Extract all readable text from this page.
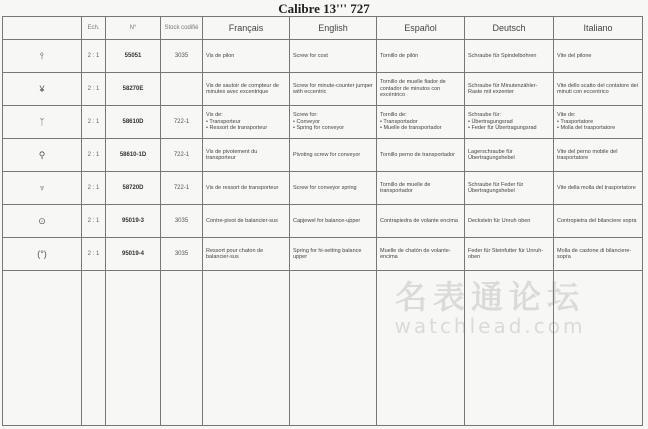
Calibre 13''' 727
	Ech.	N°	Stock codifié	Français	English	Español	Deutsch	Italiano
⫯	2 : 1	55051	3035	Vis de pilon	Screw for cost	Tornillo de pilón	Schraube für Spindelbohren	Vite del pilone

¥	2 : 1	58270E		Vis de sautoir de compteur de
minutes avec excentrique	Screw for minute-counter jumper
with eccentric	Tornillo de muelle fiador de
contador de minutos con
excéntrico	Schraube für Minutenzähler-
Raste mit exzenter	Vite dello scatto del contatore dei
minuti con eccentrico

ᛉ	2 : 1	58610D	722-1	Vis de:
• Transporteur
• Ressort de transporteur	Screw for:
• Conveyor
• Spring for conveyor	Tornillo de:
• Transportador
• Muelle de transportador	Schraube für:
• Übertragungsrad
• Feder für Übertragungsrad	Vite de:
• Trasportatore
• Molla del trasportatore

⚲	2 : 1	58610-1D	722-1	Vis de pivotement du
transporteur	Pivoting screw for conveyor	Tornillo perno de transportador	Lagerschraube für
Übertragungshebel	Vite del perno mobile del
trasportatore

♆	2 : 1	58720D	722-1	Vis de ressort de transporteur	Screw for conveyor spring	Tornillo de muelle de
transportador	Schraube für Feder für
Übertragungshebel	Vite della molla del trasportatore

⊙	2 : 1	95019-3	3035	Contre-pivot de balancier-sus	Capjewel for balance-upper	Contrapiedra de volante encima	Deckstein für Unruh oben	Contropietra del bilanciere sopra

(°)	2 : 1	95019-4	3035	Ressort pour chaton de
balancier-sus	Spring for hi-setting balance
upper	Muelle de chatón de volante-
encima	Feder für Steinfutter für Unruh-
oben	Molla de castone di bilanciere-
sopra

名表通论坛
watchlead.com
